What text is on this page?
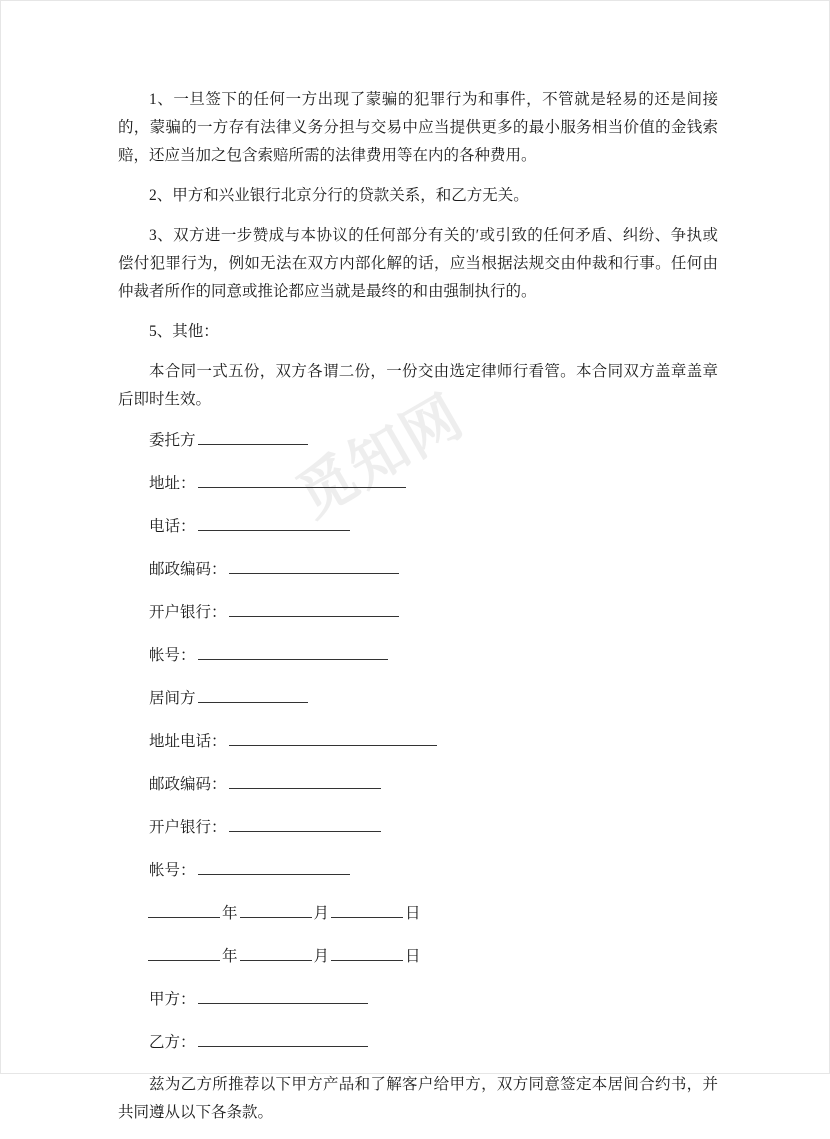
觅知网

1、一旦签下的任何一方出现了蒙骗的犯罪行为和事件，不管就是轻易的还是间接的，蒙骗的一方存有法律义务分担与交易中应当提供更多的最小服务相当价值的金钱索赔，还应当加之包含索赔所需的法律费用等在内的各种费用。

2、甲方和兴业银行北京分行的贷款关系，和乙方无关。

3、双方进一步赞成与本协议的任何部分有关的′或引致的任何矛盾、纠纷、争执或偿付犯罪行为，例如无法在双方内部化解的话，应当根据法规交由仲裁和行事。任何由仲裁者所作的同意或推论都应当就是最终的和由强制执行的。

5、其他：

本合同一式五份，双方各谓二份，一份交由选定律师行看管。本合同双方盖章盖章后即时生效。

委托方
地址：
电话：
邮政编码：
开户银行：
帐号：
居间方
地址电话：
邮政编码：
开户银行：
帐号：
年	月	日
年	月	日
甲方：
乙方：

兹为乙方所推荐以下甲方产品和了解客户给甲方，双方同意签定本居间合约书，并共同遵从以下各条款。
